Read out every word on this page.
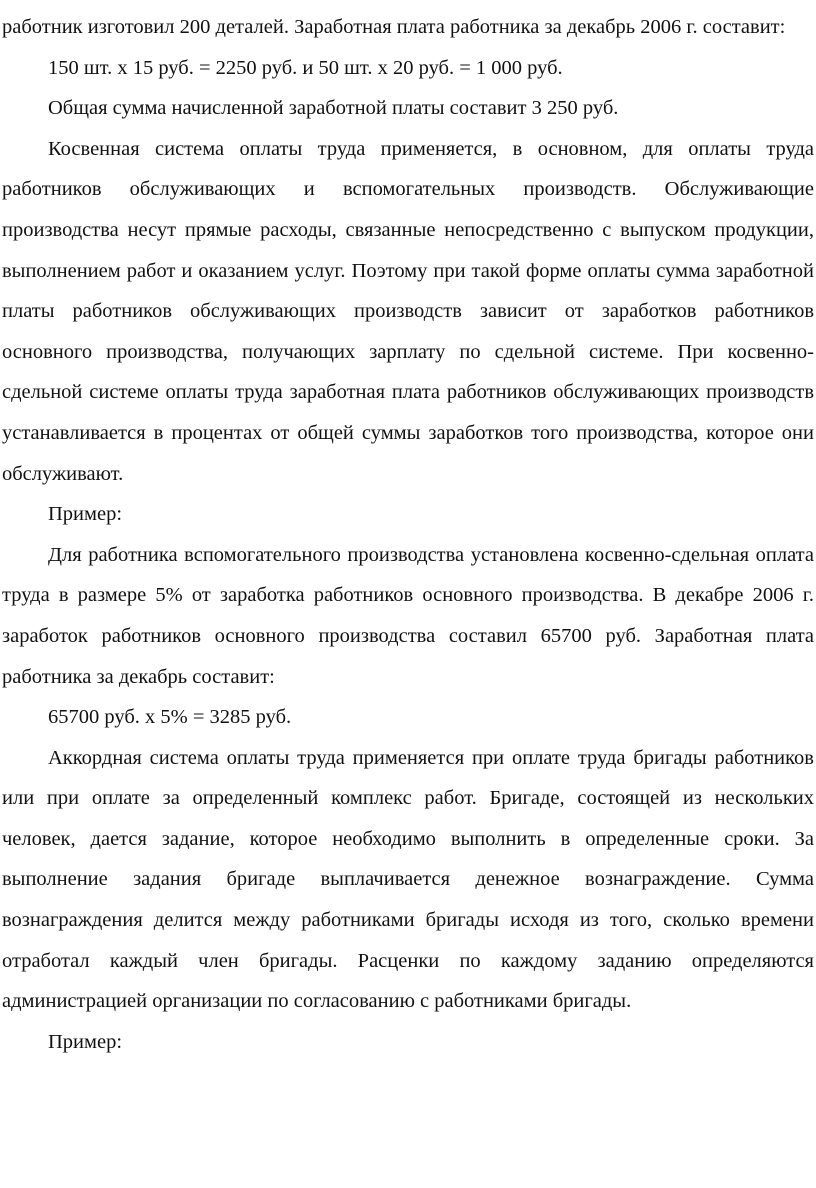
работник изготовил 200 деталей. Заработная плата работника за декабрь 2006 г. составит:

150 шт. х 15 руб. = 2250 руб. и 50 шт. х 20 руб. = 1 000 руб.

Общая сумма начисленной заработной платы составит 3 250 руб.

Косвенная система оплаты труда применяется, в основном, для оплаты труда работников обслуживающих и вспомогательных производств. Обслуживающие производства несут прямые расходы, связанные непосредственно с выпуском продукции, выполнением работ и оказанием услуг. Поэтому при такой форме оплаты сумма заработной платы работников обслуживающих производств зависит от заработков работников основного производства, получающих зарплату по сдельной системе. При косвенно-сдельной системе оплаты труда заработная плата работников обслуживающих производств устанавливается в процентах от общей суммы заработков того производства, которое они обслуживают.

Пример:

Для работника вспомогательного производства установлена косвенно-сдельная оплата труда в размере 5% от заработка работников основного производства. В декабре 2006 г. заработок работников основного производства составил 65700 руб. Заработная плата работника за декабрь составит:

65700 руб. х 5% = 3285 руб.

Аккордная система оплаты труда применяется при оплате труда бригады работников или при оплате за определенный комплекс работ. Бригаде, состоящей из нескольких человек, дается задание, которое необходимо выполнить в определенные сроки. За выполнение задания бригаде выплачивается денежное вознаграждение. Сумма вознаграждения делится между работниками бригады исходя из того, сколько времени отработал каждый член бригады. Расценки по каждому заданию определяются администрацией организации по согласованию с работниками бригады.

Пример:
